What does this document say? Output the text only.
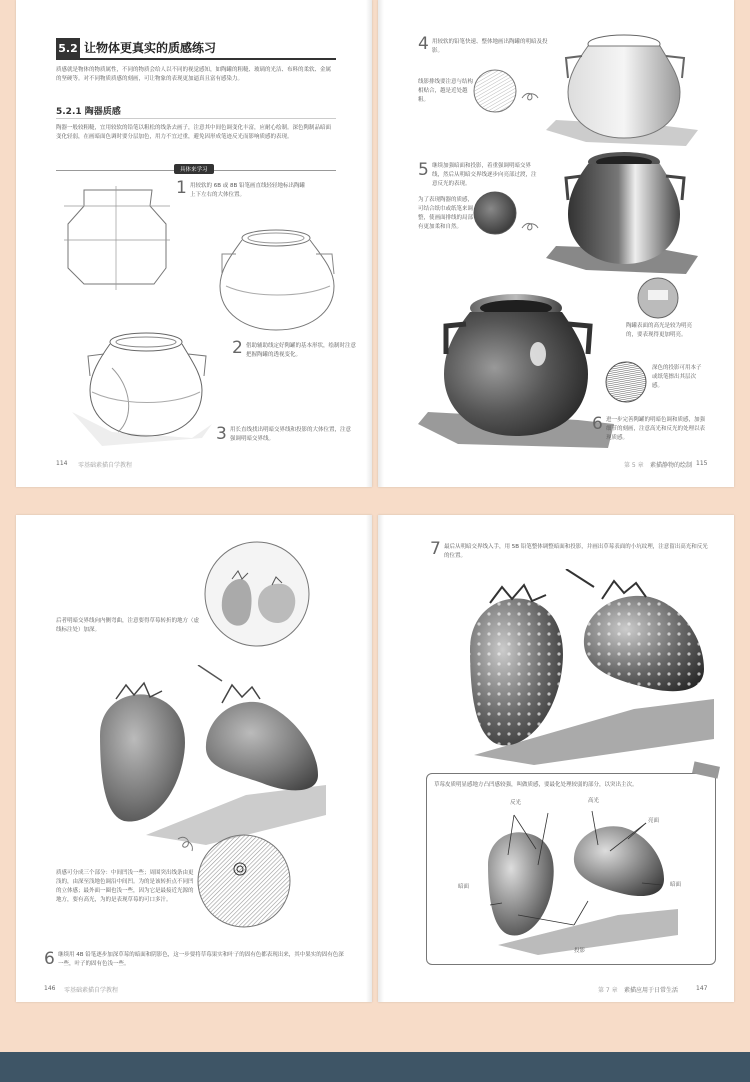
5.2 让物体更真实的质感练习
质感就是物体的物质属性，不同的物质会给人以不同的视觉感知，如陶罐的粗糙、玻璃的光洁、布料的柔软、金属的坚硬等。对不同物质质感的刻画，可让物象的表现更加逼真且富有感染力。
5.2.1 陶器质感
陶器一般较粗糙，宜用较软的铅笔以粗松的线条去画子，注意其中间色调变化丰富，应耐心绘制。深色陶制品暗面变化轻弱，在画暗面色调时要分层加色，用力不宜过重，避免因形成笔迹反光而影响质感的表现。
具体来学习
1 用较软的 6B 或 8B 铅笔画直线轻轻地标出陶罐上下左右的大体位置。
2 借助辅助线定好陶罐的基本形状，绘制时注意把握陶罐的透视变化。
3 用长直线找出明暗交界线和投影的大体位置，注意强调明暗交界线。
114 零基础素描自学教程
4 用较软的铅笔快速、整体地画出陶罐的明暗及投影。
线影排线要注意与结构相贴合，越是近处越粗。
5 继续加强暗面和投影，着重强调明暗交界线，然后从明暗交界线逐步向亮部过渡，注意反光的表现。
为了表现陶器的质感，可结合纸巾或纸笔来调整，使画面排线的局部有更加柔和自然。
陶罐表面的高光是较为明亮的，要表现得更加明亮。
深色的投影可用本子或纸笔擦出其层次感。
6 进一步完善陶罐的明暗色调和质感，加强细节的刻画，注意高光和反光的处理以表现质感。
第 5 章 素描静物的绘制 115
后者明暗交界线向内侧弯曲，注意要得草莓转折的地方（虚线标注处）加深。
质感可分成三个部分：中间凹浅一些；周围突出线条由更浅的，由深至浅地色调沿中间凹。为的是该转折点不同凹的立体感；最外面一圈也浅一些，因为它是最接近光源的地方，要有高光，为的是表现草莓的可口多汁。
6 继续用 4B 铅笔逐步加深草莓的暗面和阴影色，这一步要将草莓果实和叶子的固有色都表现出来，其中果实的固有色深一些，叶子的固有色浅一些。
146 零基础素描自学教程
7 最后从明暗交界线入手，用 5B 铅笔整体调整暗面和投影，并画出草莓表面的小坑纹理，注意留出高光和反光的位置。
草莓皮质明显感地方凸凹感较强，叫做质感，要最化处理较弱的部分，以突出主次。
反光	高光
亮面
暗面	暗面
投影
第 7 章 素描应用于日常生活	147
